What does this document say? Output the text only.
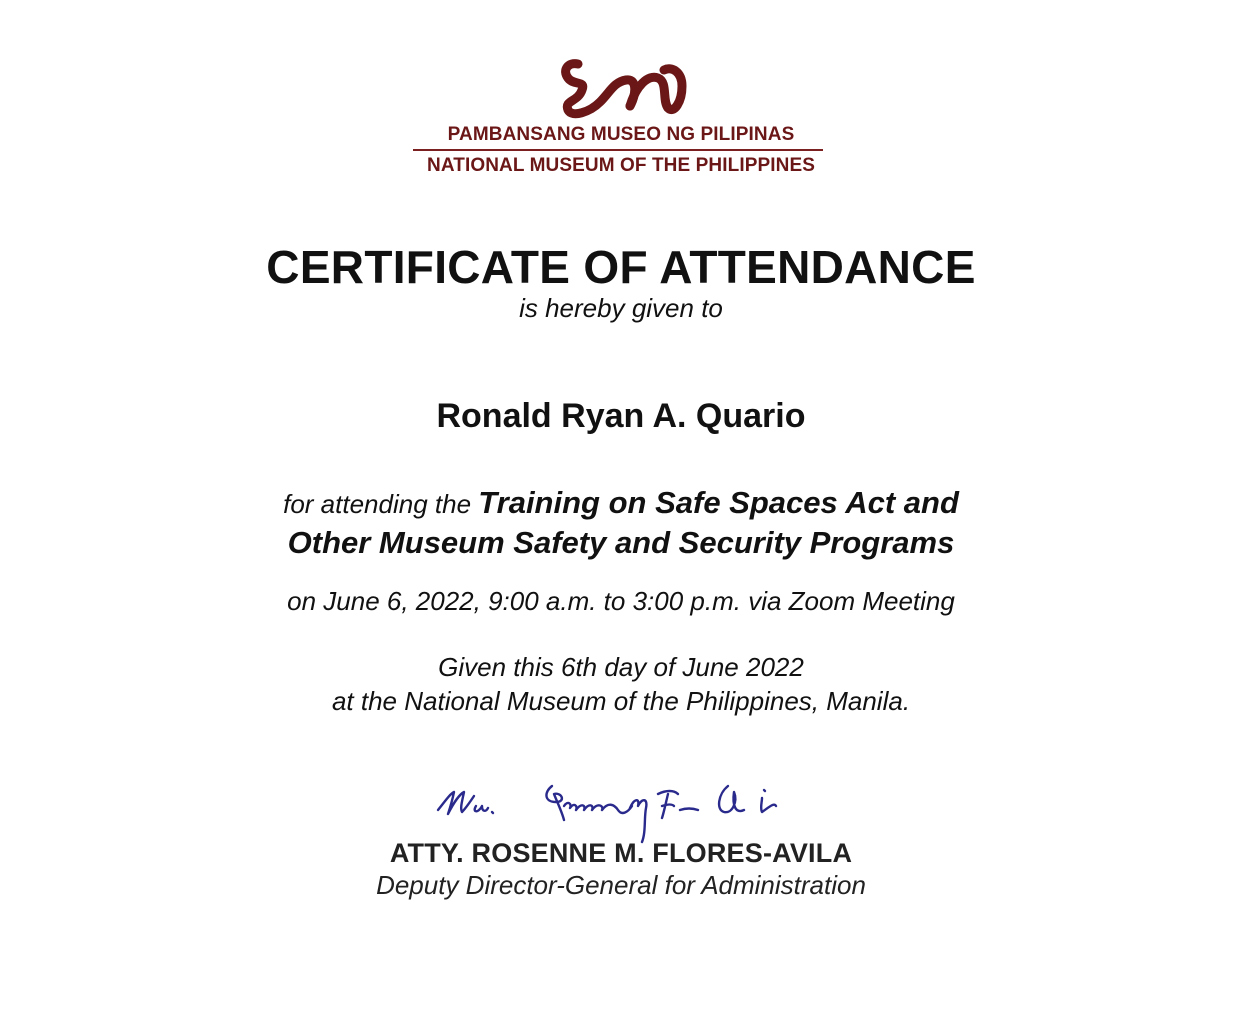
PAMBANSANG MUSEO NG PILIPINAS
NATIONAL MUSEUM OF THE PHILIPPINES
CERTIFICATE OF ATTENDANCE
is hereby given to
Ronald Ryan A. Quario
for attending the Training on Safe Spaces Act and
Other Museum Safety and Security Programs
on June 6, 2022, 9:00 a.m. to 3:00 p.m. via Zoom Meeting
Given this 6th day of June 2022
at the National Museum of the Philippines, Manila.
ATTY. ROSENNE M. FLORES-AVILA
Deputy Director-General for Administration
